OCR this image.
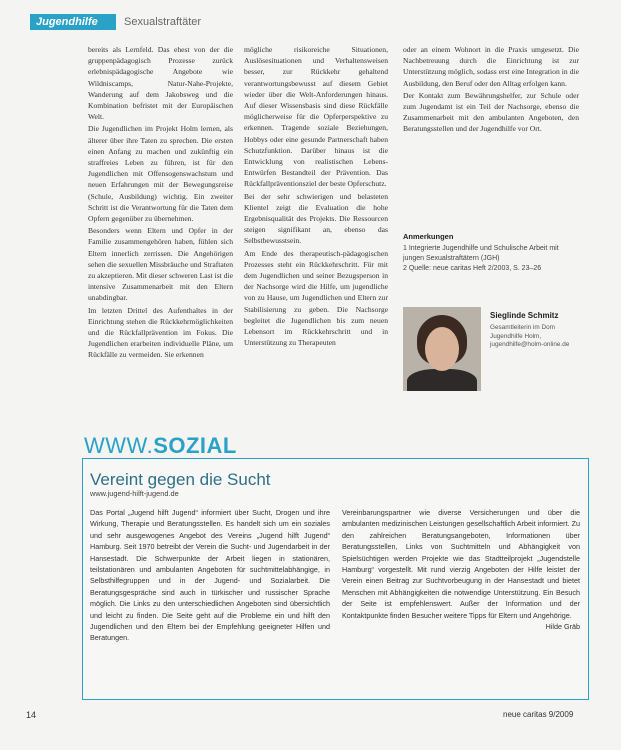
Jugendhilfe Sexualstraftäter

bereits als Lernfeld. Das ehest von der die gruppenpädagogisch Prozesse zurück erlebnispädagogische Angebote wie Wildniscamps, Natur-Nahe-Projekte, Wanderung auf dem Jakobsweg und die Kombination befristet mit der Europäischen Welt.

Die Jugendlichen im Projekt Holm lernen, als älterer über ihre Taten zu sprechen. Die ersten einen Anfang zu machen und zukünftig ein straffreies Leben zu führen, ist für den Jugendlichen mit Offensogenswachstum und neuen Erfahrungen mit der Bewegungsreise (Schule, Ausbildung) wichtig. Ein zweiter Schritt ist die Verantwortung für die Taten dem Opfern gegenüber zu übernehmen.

Besonders wenn Eltern und Opfer in der Familie zusammengehören haben, fühlen sich Eltern innerlich zerrissen. Die Angehörigen sehen die sexuellen Missbräuche und Straftaten zu akzeptieren. Mit dieser schweren Last ist die intensive Zusammenarbeit mit den Eltern unabdingbar.

Im letzten Drittel des Aufenthaltes in der Einrichtung stehen die Rückkehrmöglichkeiten und die Rückfallprävention im Fokus. Die Jugendlichen erarbeiten individuelle Pläne, um Rückfälle zu vermeiden. Sie erkennen

mögliche risikoreiche Situationen, Auslösesituationen und Verhaltensweisen besser, zur Rückkehr gehaltend verantwortungsbewusst auf diesem Gebiet wieder über die Welt-Anforderungen hinaus. Auf dieser Wissensbasis sind diese Rückfälle möglicherweise für die Opferperspektive zu erkennen. Tragende soziale Beziehungen, Hobbys oder eine gesunde Partnerschaft haben Schutzfunktion. Darüber hinaus ist die Entwicklung von realistischen Lebens-Entwürfen Bestandteil der Prävention. Das Rückfallpräventionsziel der beste Opferschutz.

Bei der sehr schwierigen und belasteten Klientel zeigt die Evaluation die hohe Ergebnisqualität des Projekts. Die Ressourcen steigen signifikant an, ebenso das Selbstbewusstsein.

Am Ende des therapeutisch-pädagogischen Prozesses steht ein Rückkehrschritt. Für mit dem Jugendlichen und seiner Bezugsperson in der Nachsorge wird die Hilfe, um jugendliche von zu Hause, um Jugendlichen und Eltern zur Stabilisierung zu geben. Die Nachsorge begleitet die Jugendlichen bis zum neuen Lebensort im Rückkehrschritt und in Unterstützung zu Therapeuten

oder an einem Wohnort in die Praxis umgesetzt. Die Nachbetreuung durch die Einrichtung ist zur Unterstützung möglich, sodass erst eine Integration in die Ausbildung, den Beruf oder den Alltag erfolgen kann.

Der Kontakt zum Bewährungshelfer, zur Schule oder zum Jugendamt ist ein Teil der Nachsorge, ebenso die Zusammenarbeit mit den ambulanten Angeboten, den Beratungsstellen und der Jugendhilfe vor Ort.

Anmerkungen
1 Integrierte Jugendhilfe und Schulische Arbeit mit jungen Sexualstraftätern (JGH)
2 Quelle: neue caritas Heft 2/2003, S. 23–26
Sieglinde Schmitz
Gesamtleiterin im Dom Jugendhilfe Holm, jugendhilfe@holm-online.de
WWW.SOZIAL
Vereint gegen die Sucht
www.jugend-hilft-jugend.de

Das Portal „Jugend hilft Jugend“ informiert über Sucht, Drogen und ihre Wirkung, Therapie und Beratungsstellen. Es handelt sich um ein soziales und sehr ausgewogenes Angebot des Vereins „Jugend hilft Jugend“ Hamburg. Seit 1970 betreibt der Verein die Sucht- und Jugendarbeit in der Hansestadt. Die Schwerpunkte der Arbeit liegen in stationären, teilstationären und ambulanten Angeboten für suchtmittelabhängige, in Selbsthilfegruppen und in der Jugend- und Sozialarbeit. Die Beratungsgespräche sind auch in türkischer und russischer Sprache möglich. Die Links zu den unterschiedlichen Angeboten sind übersichtlich und leicht zu finden. Die Seite geht auf die Probleme ein und hilft den Jugendlichen und den Eltern bei der Empfehlung geeigneter Hilfen und Beratungen.

Vereinbarungspartner wie diverse Versicherungen und über die ambulanten medizinischen Leistungen gesellschaftlich Arbeit informiert. Zu den zahlreichen Beratungsangeboten, Informationen über Beratungsstellen, Links von Suchtmitteln und Abhängigkeit von Spielsüchtigen werden Projekte wie das Stadtteilprojekt „Jugendstelle Hamburg“ vorgestellt. Mit rund vierzig Angeboten der Hilfe leistet der Verein einen Beitrag zur Suchtvorbeugung in der Hansestadt und bietet Menschen mit Abhängigkeiten die notwendige Unterstützung. Ein Besuch der Seite ist empfehlenswert. Außer der Information und der Kontaktpunkte finden Besucher weitere Tipps für Eltern und Angehörige.

Hilde Gräb

14	neue caritas 9/2009
